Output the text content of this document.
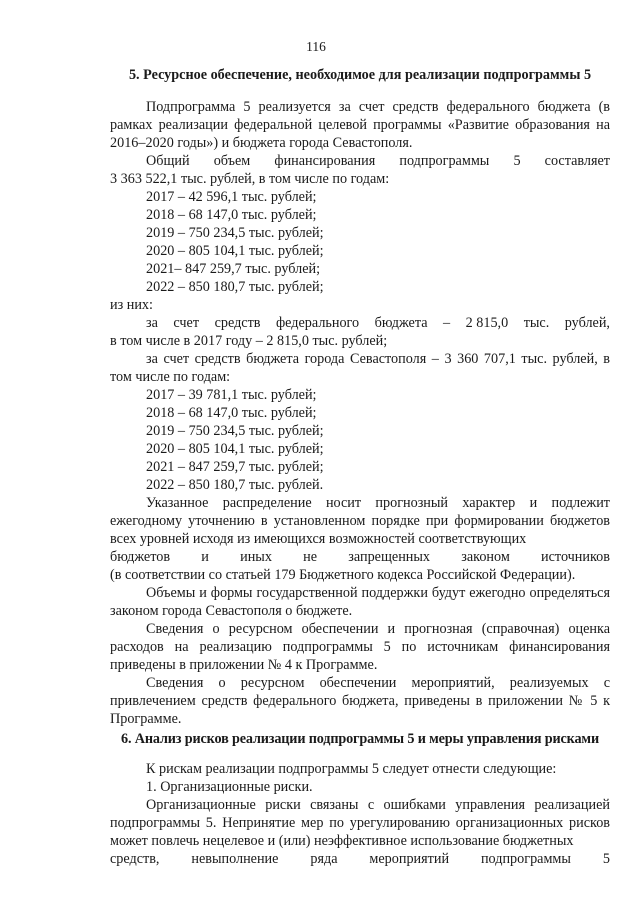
116

5. Ресурсное обеспечение, необходимое для реализации подпрограммы 5

Подпрограмма 5 реализуется за счет средств федерального бюджета (в рамках реализации федеральной целевой программы «Развитие образования на 2016–2020 годы») и бюджета города Севастополя.

Общий объем финансирования подпрограммы 5 составляет

3 363 522,1 тыс. рублей, в том числе по годам:

2017 – 42 596,1 тыс. рублей;

2018 – 68 147,0 тыс. рублей;

2019 – 750 234,5 тыс. рублей;

2020 – 805 104,1 тыс. рублей;

2021– 847 259,7 тыс. рублей;

2022 – 850 180,7 тыс. рублей;

из них:

за счет средств федерального бюджета – 2 815,0 тыс. рублей,

в том числе в 2017 году – 2 815,0 тыс. рублей;

за счет средств бюджета города Севастополя – 3 360 707,1 тыс. рублей, в том числе по годам:

2017 – 39 781,1 тыс. рублей;

2018 – 68 147,0 тыс. рублей;

2019 – 750 234,5 тыс. рублей;

2020 – 805 104,1 тыс. рублей;

2021 – 847 259,7 тыс. рублей;

2022 – 850 180,7 тыс. рублей.

Указанное распределение носит прогнозный характер и подлежит ежегодному уточнению в установленном порядке при формировании бюджетов всех уровней исходя из имеющихся возможностей соответствующих

бюджетов и иных не запрещенных законом источников

(в соответствии со статьей 179 Бюджетного кодекса Российской Федерации).

Объемы и формы государственной поддержки будут ежегодно определяться законом города Севастополя о бюджете.

Сведения о ресурсном обеспечении и прогнозная (справочная) оценка расходов на реализацию подпрограммы 5 по источникам финансирования приведены в приложении № 4 к Программе.

Сведения о ресурсном обеспечении мероприятий, реализуемых с привлечением средств федерального бюджета, приведены в приложении № 5 к Программе.

6. Анализ рисков реализации подпрограммы 5 и меры управления рисками

К рискам реализации подпрограммы 5 следует отнести следующие:

1. Организационные риски.

Организационные риски связаны с ошибками управления реализацией подпрограммы 5. Непринятие мер по урегулированию организационных рисков может повлечь нецелевое и (или) неэффективное использование бюджетных

средств, невыполнение ряда мероприятий подпрограммы 5
